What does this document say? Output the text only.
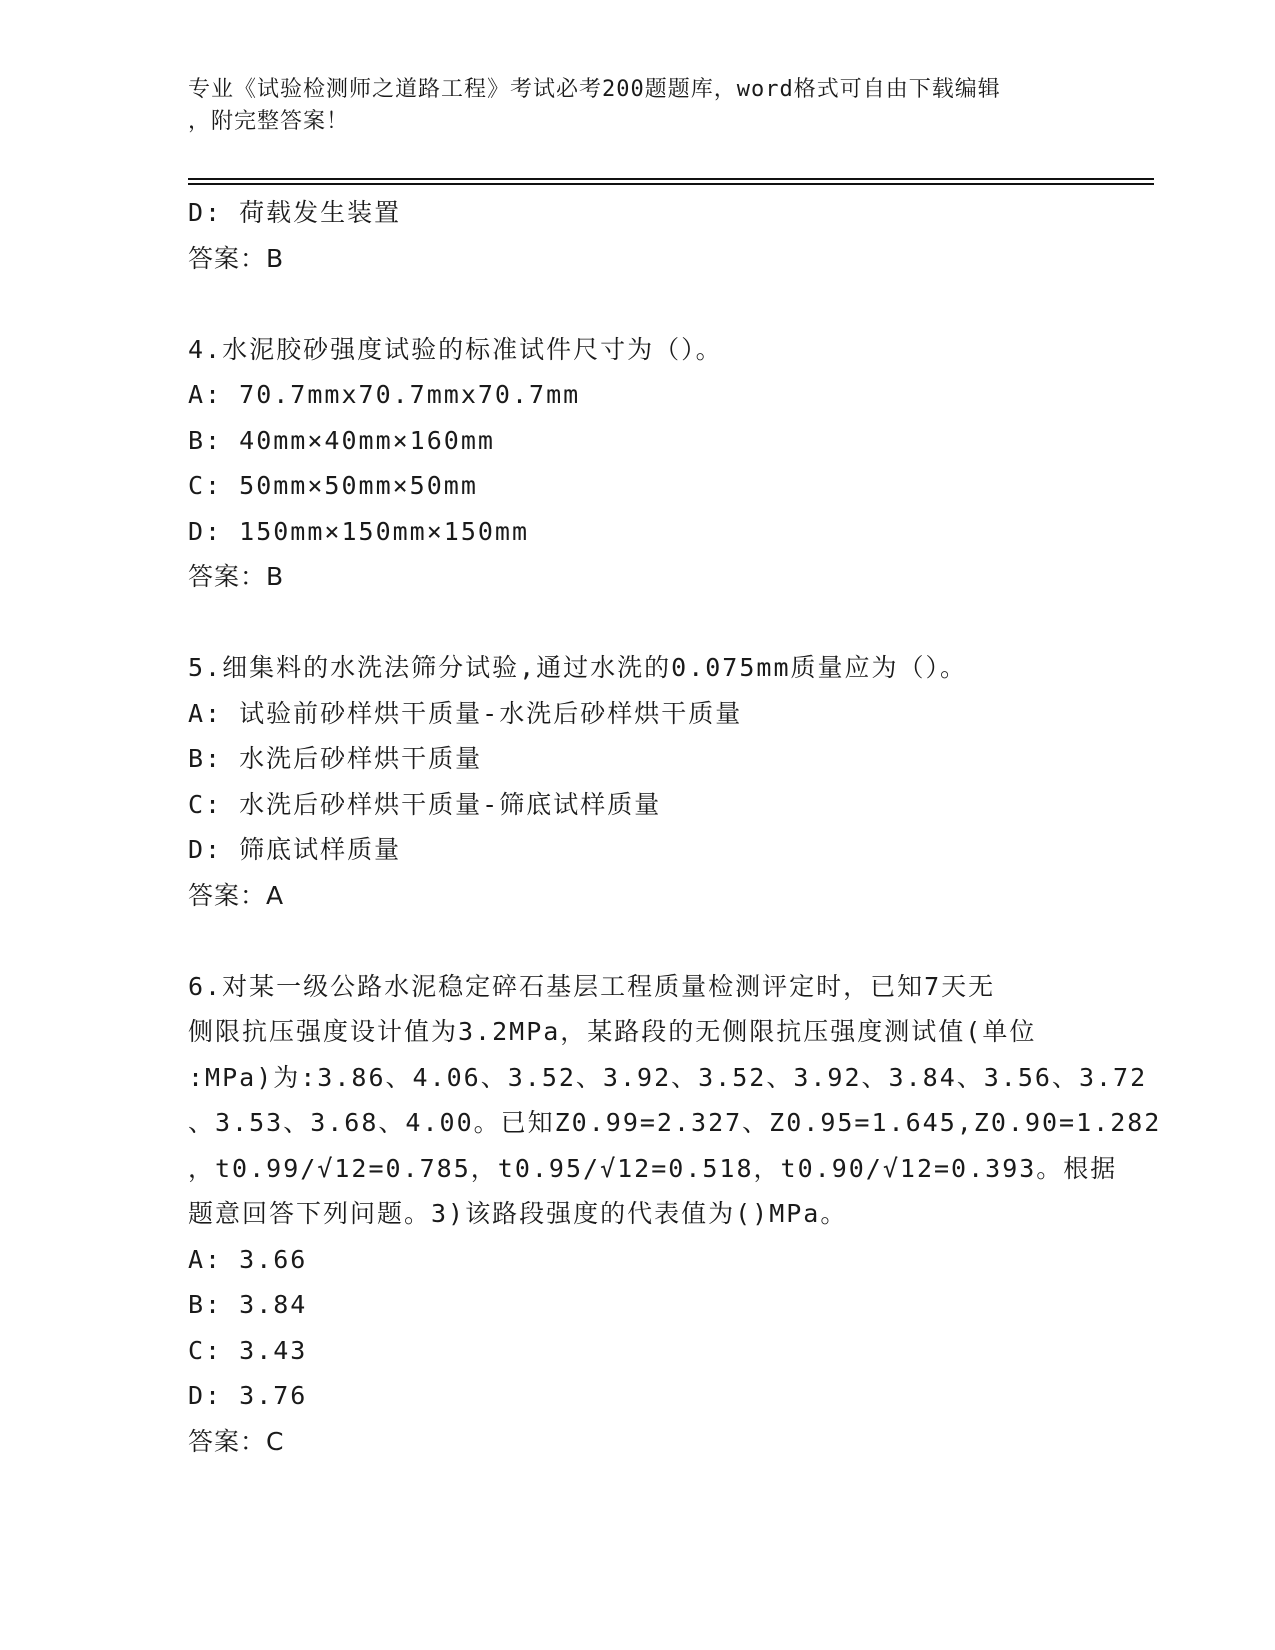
专业《试验检测师之道路工程》考试必考200题题库，word格式可自由下载编辑
，附完整答案！
D: 荷载发生装置
答案：B
4.水泥胶砂强度试验的标准试件尺寸为（）。
A: 70.7mmx70.7mmx70.7mm
B: 40mm×40mm×160mm
C: 50mm×50mm×50mm
D: 150mm×150mm×150mm
答案：B
5.细集料的水洗法筛分试验,通过水洗的0.075mm质量应为（）。
A: 试验前砂样烘干质量-水洗后砂样烘干质量
B: 水洗后砂样烘干质量
C: 水洗后砂样烘干质量-筛底试样质量
D: 筛底试样质量
答案：A
6.对某一级公路水泥稳定碎石基层工程质量检测评定时，已知7天无
侧限抗压强度设计值为3.2MPa，某路段的无侧限抗压强度测试值(单位
:MPa)为:3.86、4.06、3.52、3.92、3.52、3.92、3.84、3.56、3.72
、3.53、3.68、4.00。已知Z0.99=2.327、Z0.95=1.645,Z0.90=1.282
，t0.99/√12=0.785，t0.95/√12=0.518，t0.90/√12=0.393。根据
题意回答下列问题。3)该路段强度的代表值为()MPa。
A: 3.66
B: 3.84
C: 3.43
D: 3.76
答案：C
